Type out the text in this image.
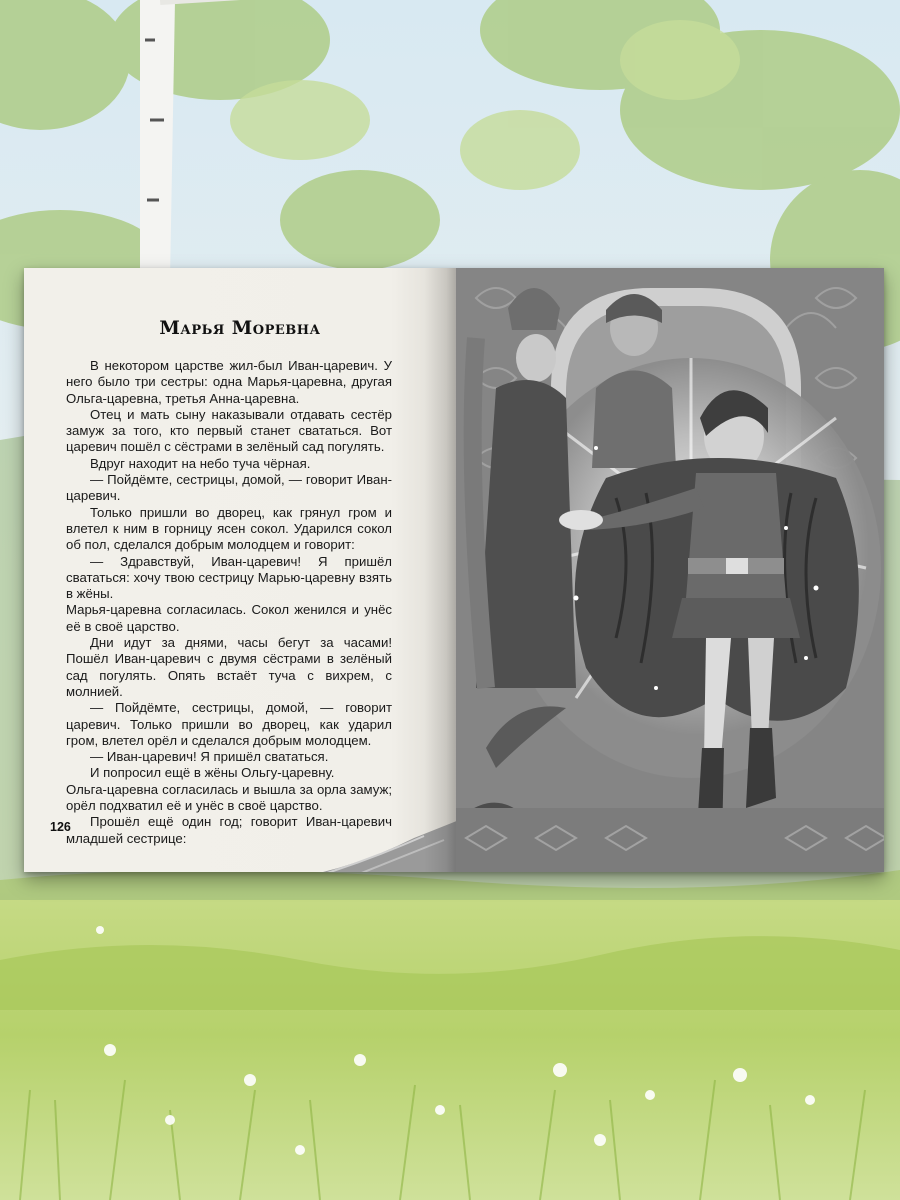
Марья Моревна

В некотором царстве жил-был Иван-царевич. У него было три сестры: одна Марья-царевна, другая Ольга-царевна, третья Анна-царевна.

Отец и мать сыну наказывали отдавать сестёр замуж за того, кто первый станет свататься. Вот царевич пошёл с сёстрами в зелёный сад погулять.

Вдруг находит на небо туча чёрная.

— Пойдёмте, сестрицы, домой, — говорит Иван-царевич.

Только пришли во дворец, как грянул гром и влетел к ним в горницу ясен сокол. Ударился сокол об пол, сделался добрым молодцем и говорит:

— Здравствуй, Иван-царевич! Я пришёл свататься: хочу твою сестрицу Марью-царевну взять в жёны.

Марья-царевна согласилась. Сокол женился и унёс её в своё царство.

Дни идут за днями, часы бегут за часами! Пошёл Иван-царевич с двумя сёстрами в зелёный сад погулять. Опять встаёт туча с вихрем, с молнией.

— Пойдёмте, сестрицы, домой, — говорит царевич. Только пришли во дворец, как ударил гром, влетел орёл и сделался добрым молодцем.

— Иван-царевич! Я пришёл свататься.

И попросил ещё в жёны Ольгу-царевну.

Ольга-царевна согласилась и вышла за орла замуж; орёл подхватил её и унёс в своё царство.

Прошёл ещё один год; говорит Иван-царевич младшей сестрице:

126
